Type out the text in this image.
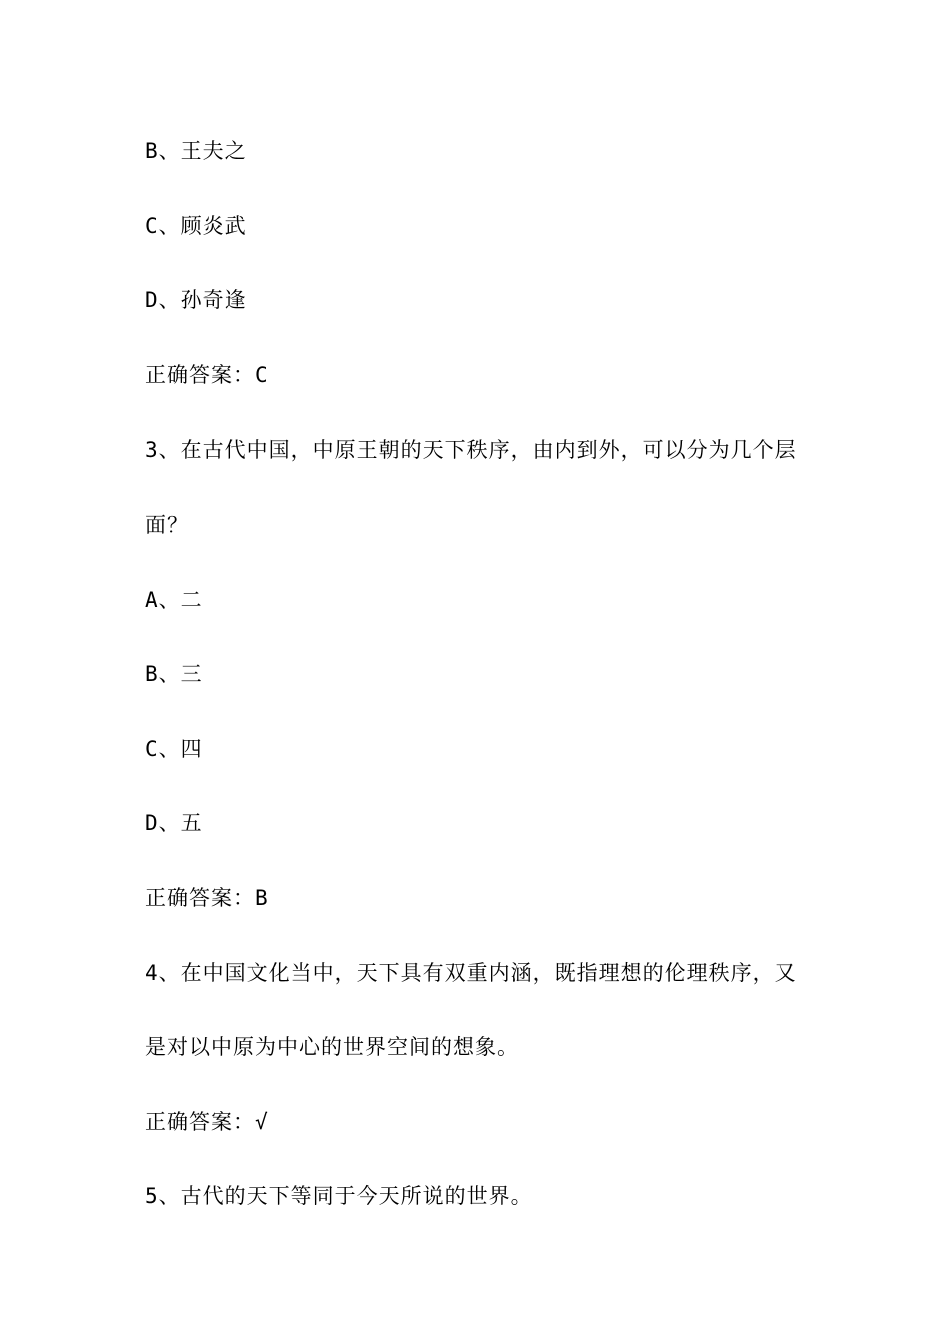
B、王夫之
C、顾炎武
D、孙奇逢
正确答案：C
3、在古代中国，中原王朝的天下秩序，由内到外，可以分为几个层
面？
A、二
B、三
C、四
D、五
正确答案：B
4、在中国文化当中，天下具有双重内涵，既指理想的伦理秩序，又
是对以中原为中心的世界空间的想象。
正确答案：√
5、古代的天下等同于今天所说的世界。
